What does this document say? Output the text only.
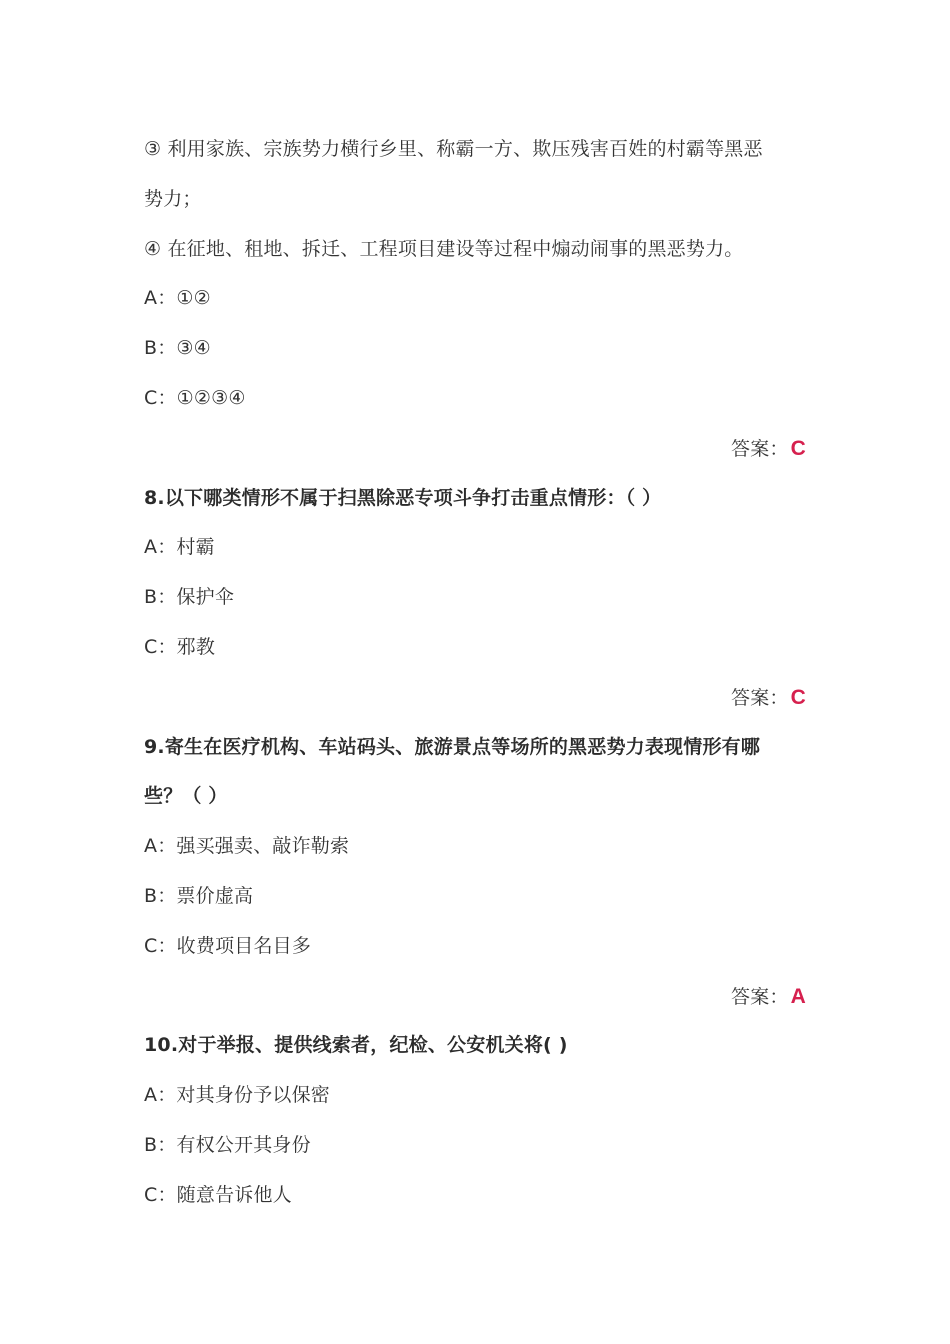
③ 利用家族、宗族势力横行乡里、称霸一方、欺压残害百姓的村霸等黑恶
势力；
④ 在征地、租地、拆迁、工程项目建设等过程中煽动闹事的黑恶势力。
A：①②
B：③④
C：①②③④
答案：C
8.以下哪类情形不属于扫黑除恶专项斗争打击重点情形：（ ）
A：村霸
B：保护伞
C：邪教
答案：C
9.寄生在医疗机构、车站码头、旅游景点等场所的黑恶势力表现情形有哪
些？（ ）
A：强买强卖、敲诈勒索
B：票价虚高
C：收费项目名目多
答案：A
10.对于举报、提供线索者，纪检、公安机关将( )
A：对其身份予以保密
B：有权公开其身份
C：随意告诉他人
